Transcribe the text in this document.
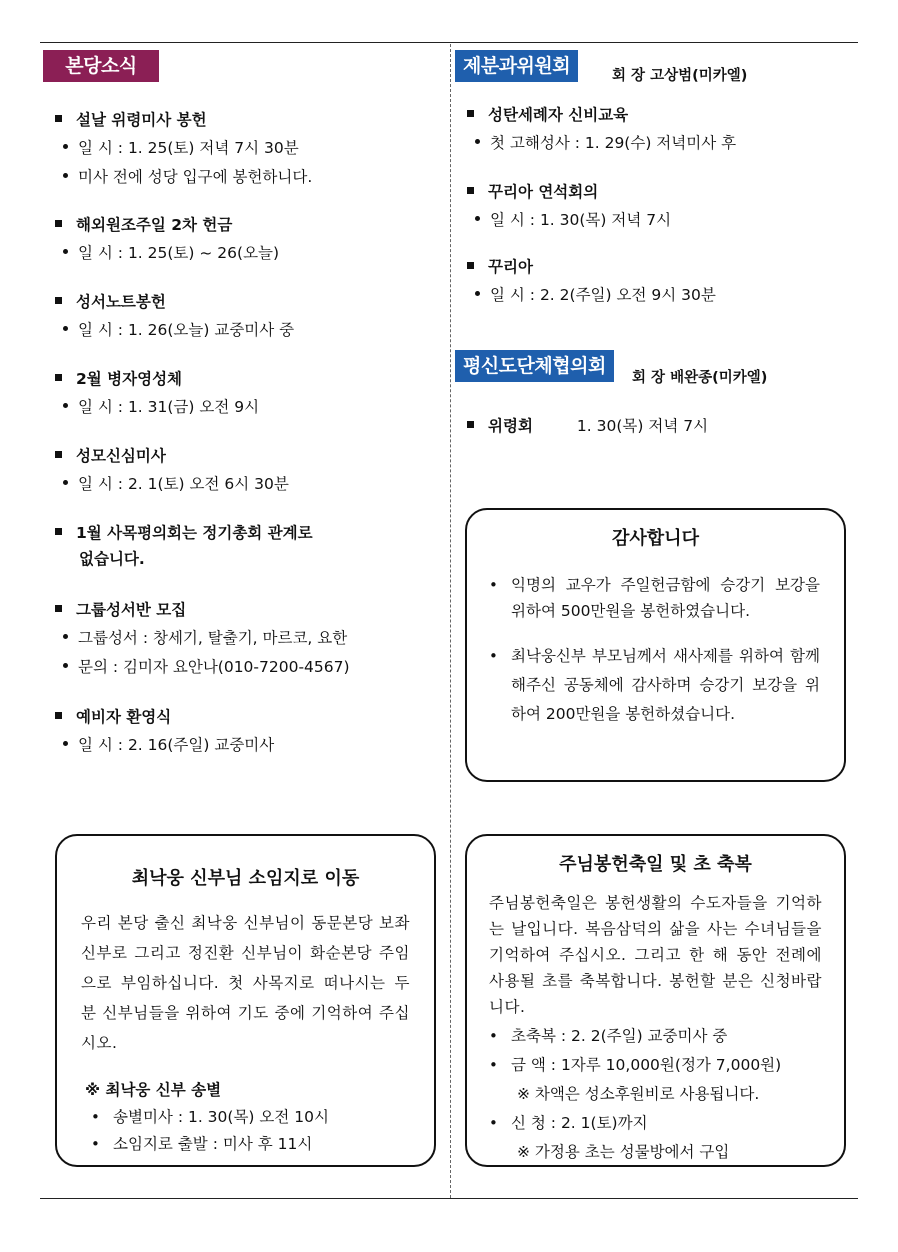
본당소식
설날 위령미사 봉헌
일 시 : 1. 25(토) 저녁 7시 30분
미사 전에 성당 입구에 봉헌하니다.
해외원조주일 2차 헌금
일 시 : 1. 25(토) ~ 26(오늘)
성서노트봉헌
일 시 : 1. 26(오늘) 교중미사 중
2월 병자영성체
일 시 : 1. 31(금) 오전 9시
성모신심미사
일 시 : 2. 1(토) 오전 6시 30분
1월 사목평의회는 정기총회 관계로
없습니다.
그룹성서반 모집
그룹성서 : 창세기, 탈출기, 마르코, 요한
문의 : 김미자 요안나(010-7200-4567)
예비자 환영식
일 시 : 2. 16(주일) 교중미사
최낙웅 신부님 소임지로 이동
우리 본당 출신 최낙웅 신부님이 동문본당 보좌신부로 그리고 정진환 신부님이 화순본당 주임으로 부임하십니다. 첫 사목지로 떠나시는 두 분 신부님들을 위하여 기도 중에 기억하여 주십시오.
※ 최낙웅 신부 송별
• 송별미사 : 1. 30(목) 오전 10시
• 소임지로 출발 : 미사 후 11시
제분과위원회	회 장 고상범(미카엘)
성탄세례자 신비교육
첫 고해성사 : 1. 29(수) 저녁미사 후
꾸리아 연석회의
일 시 : 1. 30(목) 저녁 7시
꾸리아
일 시 : 2. 2(주일) 오전 9시 30분
평신도단체협의회
회 장 배완종(미카엘)
위령회	1. 30(목) 저녁 7시
감사합니다
• 익명의 교우가 주일헌금함에 승강기 보강을 위하여 500만원을 봉헌하였습니다.
• 최낙웅신부 부모님께서 새사제를 위하여 함께 해주신 공동체에 감사하며 승강기 보강을 위하여 200만원을 봉헌하셨습니다.
주님봉헌축일 및 초 축복
주님봉헌축일은 봉헌생활의 수도자들을 기억하는 날입니다. 복음삼덕의 삶을 사는 수녀님들을 기억하여 주십시오. 그리고 한 해 동안 전례에 사용될 초를 축복합니다. 봉헌할 분은 신청바랍니다.
• 초축복 : 2. 2(주일) 교중미사 중
• 금 액 : 1자루 10,000원(정가 7,000원)
※ 차액은 성소후원비로 사용됩니다.
• 신 청 : 2. 1(토)까지
※ 가정용 초는 성물방에서 구입
